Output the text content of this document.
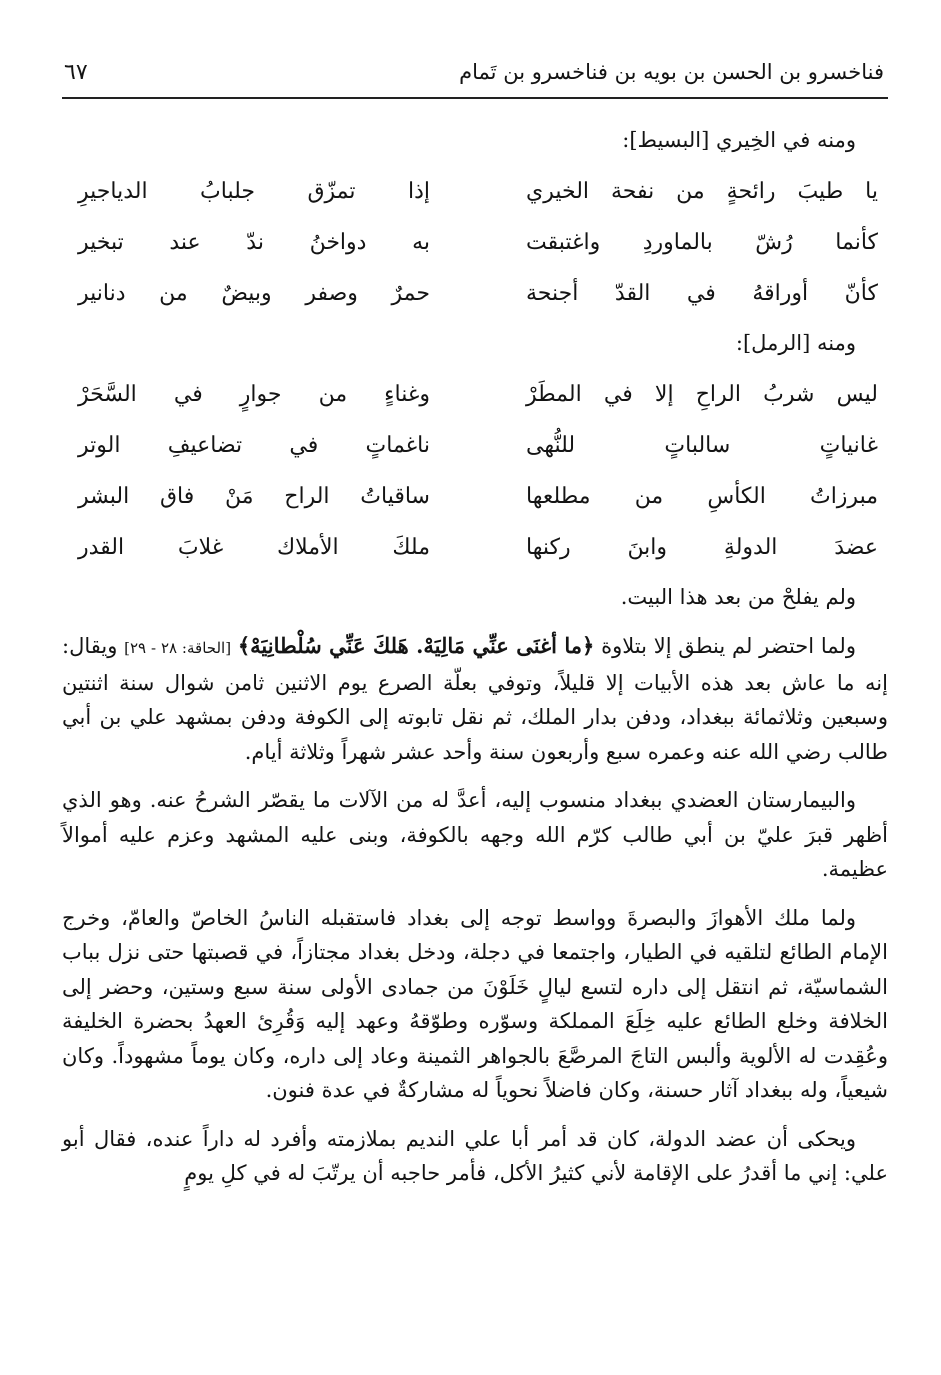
فناخسرو بن الحسن بن بويه بن فناخسرو بن تَمام
٦٧

ومنه في الخِيري [البسيط]:

يا طيبَ رائحةٍ من نفحة الخيري
إذا تمزّق جلبابُ الدياجيرِ
كأنما رُشّ بالماوردِ واغتبقت
به دواخنُ ندّ عند تبخير
كأنّ أوراقهُ في القدّ أجنحة
حمرٌ وصفر وبيضٌ من دنانير

ومنه [الرمل]:

ليس شربُ الراحِ إلا في المطَرْ
وغناءٍ من جوارٍ في السَّحَرْ
غانياتٍ سالباتٍ للنُّهى
ناغماتٍ في تضاعيفِ الوتر
مبرزاتُ الكأسِ من مطلعها
ساقياتُ الراح مَنْ فاق البشر
عضدَ الدولةِ وابنَ ركنها
ملكَ الأملاك غلابَ القدر

ولم يفلحْ من بعد هذا البيت.

ولما احتضر لم ينطق إلا بتلاوة ﴿ما أغنَى عنِّي مَالِيَهْ. هَلكَ عَنِّي سُلْطانِيَهْ﴾ [الحاقة: ٢٨ - ٢٩] ويقال: إنه ما عاش بعد هذه الأبيات إلا قليلاً، وتوفي بعلّة الصرع يوم الاثنين ثامن شوال سنة اثنتين وسبعين وثلاثمائة ببغداد، ودفن بدار الملك، ثم نقل تابوته إلى الكوفة ودفن بمشهد علي بن أبي طالب رضي الله عنه وعمره سبع وأربعون سنة وأحد عشر شهراً وثلاثة أيام.

والبيمارستان العضدي ببغداد منسوب إليه، أعدَّ له من الآلات ما يقصّر الشرحُ عنه. وهو الذي أظهر قبرَ عليّ بن أبي طالب كرّم الله وجهه بالكوفة، وبنى عليه المشهد وعزم عليه أموالاً عظيمة.

ولما ملك الأهوازَ والبصرةَ وواسط توجه إلى بغداد فاستقبله الناسُ الخاصّ والعامّ، وخرج الإمام الطائع لتلقيه في الطيار، واجتمعا في دجلة، ودخل بغداد مجتازاً، في قصبتها حتى نزل بباب الشماسيّة، ثم انتقل إلى داره لتسع ليالٍ خَلَوْنَ من جمادى الأولى سنة سبع وستين، وحضر إلى الخلافة وخلع الطائع عليه خِلَعَ المملكة وسوّره وطوّقهُ وعهد إليه وَقُرِئ العهدُ بحضرة الخليفة وعُقِدت له الألوية وألبس التاجَ المرصَّعَ بالجواهر الثمينة وعاد إلى داره، وكان يوماً مشهوداً. وكان شيعياً، وله ببغداد آثار حسنة، وكان فاضلاً نحوياً له مشاركةٌ في عدة فنون.

ويحكى أن عضد الدولة، كان قد أمر أبا علي النديم بملازمته وأفرد له داراً عنده، فقال أبو علي: إني ما أقدرُ على الإقامة لأني كثيرُ الأكل، فأمر حاجبه أن يرتّبَ له في كلِ يومٍ
